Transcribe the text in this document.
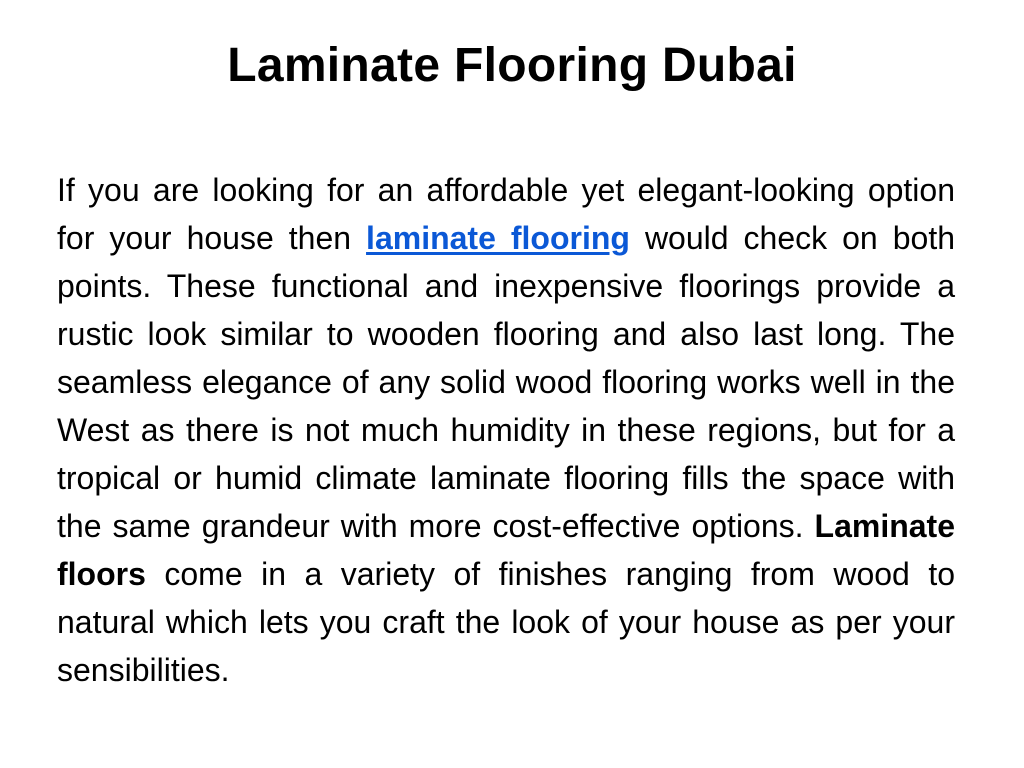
Laminate Flooring Dubai

If you are looking for an affordable yet elegant-looking option for your house then laminate flooring would check on both points. These functional and inexpensive floorings provide a rustic look similar to wooden flooring and also last long. The seamless elegance of any solid wood flooring works well in the West as there is not much humidity in these regions, but for a tropical or humid climate laminate flooring fills the space with the same grandeur with more cost-effective options. Laminate floors come in a variety of finishes ranging from wood to natural which lets you craft the look of your house as per your sensibilities.
